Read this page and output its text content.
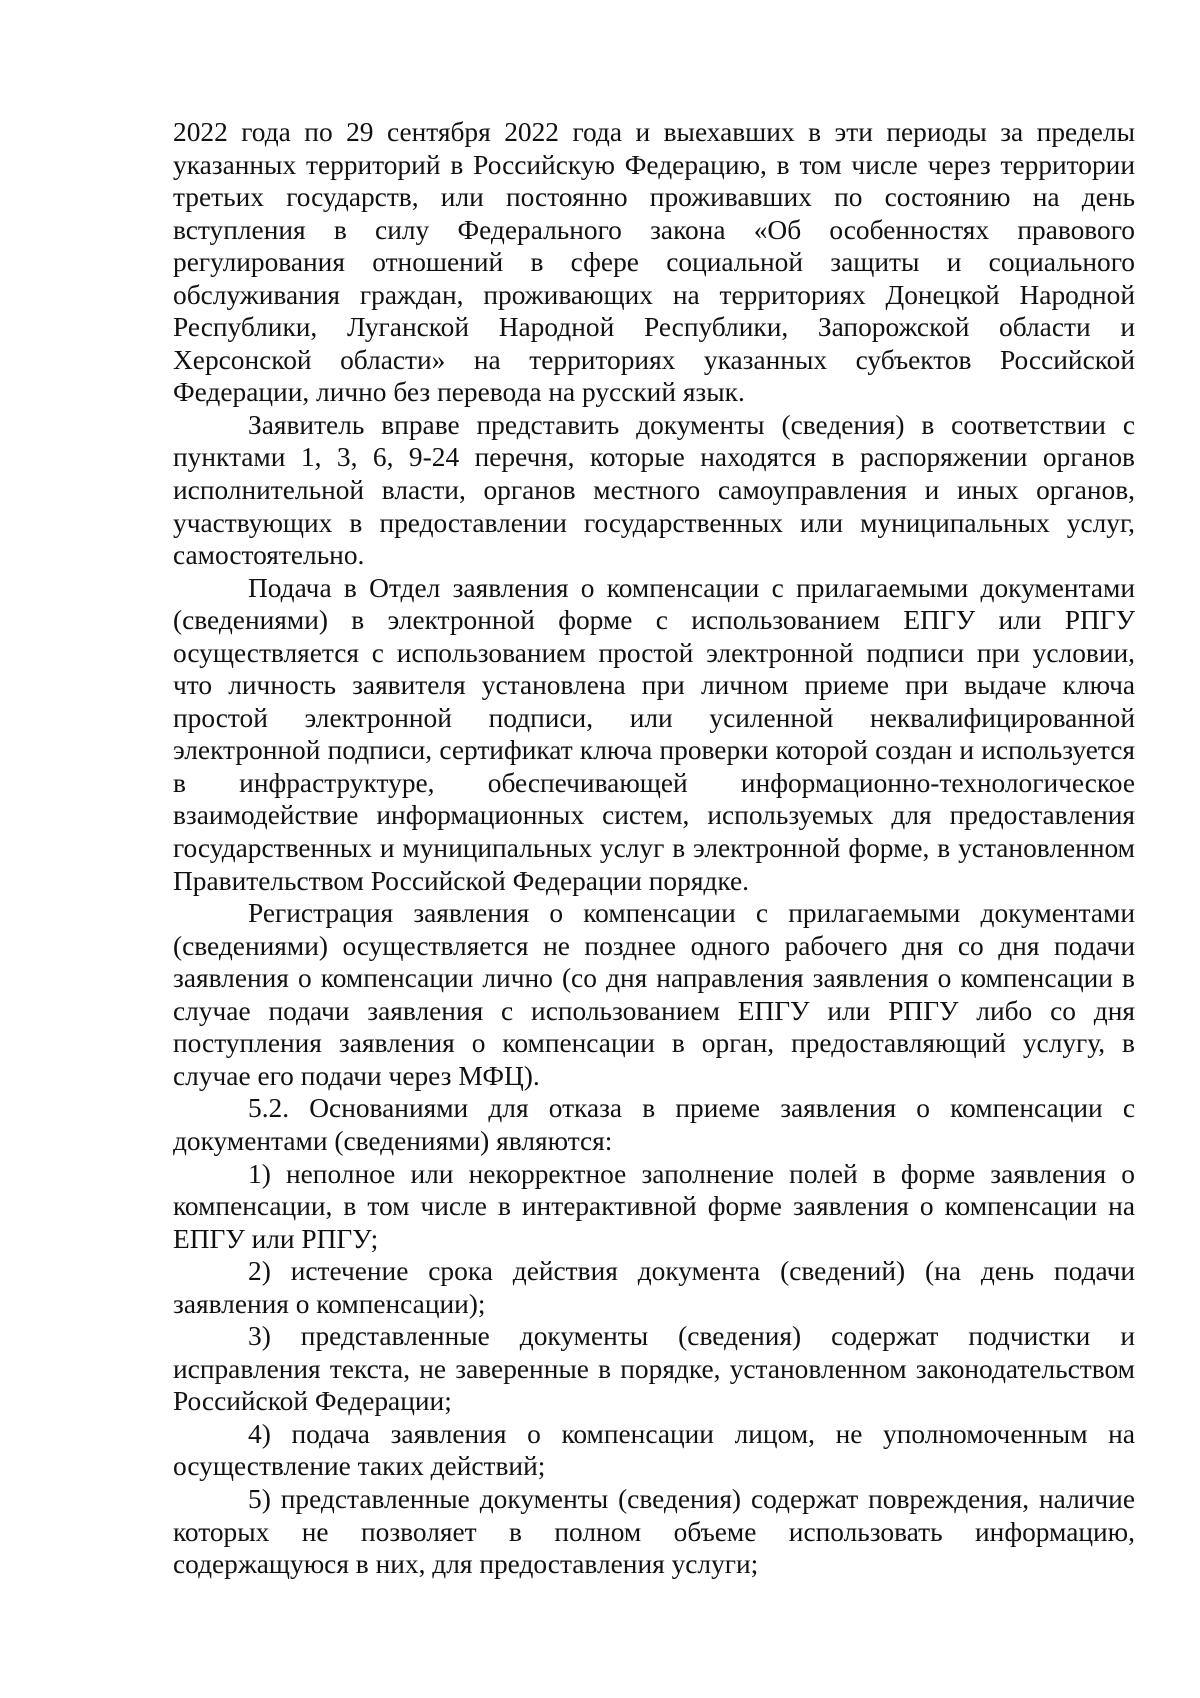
2022 года по 29 сентября 2022 года и выехавших в эти периоды за пределы указанных территорий в Российскую Федерацию, в том числе через территории третьих государств, или постоянно проживавших по состоянию на день вступления в силу Федерального закона «Об особенностях правового регулирования отношений в сфере социальной защиты и социального обслуживания граждан, проживающих на территориях Донецкой Народной Республики, Луганской Народной Республики, Запорожской области и Херсонской области» на территориях указанных субъектов Российской Федерации, лично без перевода на русский язык.

Заявитель вправе представить документы (сведения) в соответствии с пунктами 1, 3, 6, 9-24 перечня, которые находятся в распоряжении органов исполнительной власти, органов местного самоуправления и иных органов, участвующих в предоставлении государственных или муниципальных услуг, самостоятельно.

Подача в Отдел заявления о компенсации с прилагаемыми документами (сведениями) в электронной форме с использованием ЕПГУ или РПГУ осуществляется с использованием простой электронной подписи при условии, что личность заявителя установлена при личном приеме при выдаче ключа простой электронной подписи, или усиленной неквалифицированной электронной подписи, сертификат ключа проверки которой создан и используется в инфраструктуре, обеспечивающей информационно-технологическое взаимодействие информационных систем, используемых для предоставления государственных и муниципальных услуг в электронной форме, в установленном Правительством Российской Федерации порядке.

Регистрация заявления о компенсации с прилагаемыми документами (сведениями) осуществляется не позднее одного рабочего дня со дня подачи заявления о компенсации лично (со дня направления заявления о компенсации в случае подачи заявления с использованием ЕПГУ или РПГУ либо со дня поступления заявления о компенсации в орган, предоставляющий услугу, в случае его подачи через МФЦ).

5.2. Основаниями для отказа в приеме заявления о компенсации с документами (сведениями) являются:

1) неполное или некорректное заполнение полей в форме заявления о компенсации, в том числе в интерактивной форме заявления о компенсации на ЕПГУ или РПГУ;

2) истечение срока действия документа (сведений) (на день подачи заявления о компенсации);

3) представленные документы (сведения) содержат подчистки и исправления текста, не заверенные в порядке, установленном законодательством Российской Федерации;

4) подача заявления о компенсации лицом, не уполномоченным на осуществление таких действий;

5) представленные документы (сведения) содержат повреждения, наличие которых не позволяет в полном объеме использовать информацию, содержащуюся в них, для предоставления услуги;
